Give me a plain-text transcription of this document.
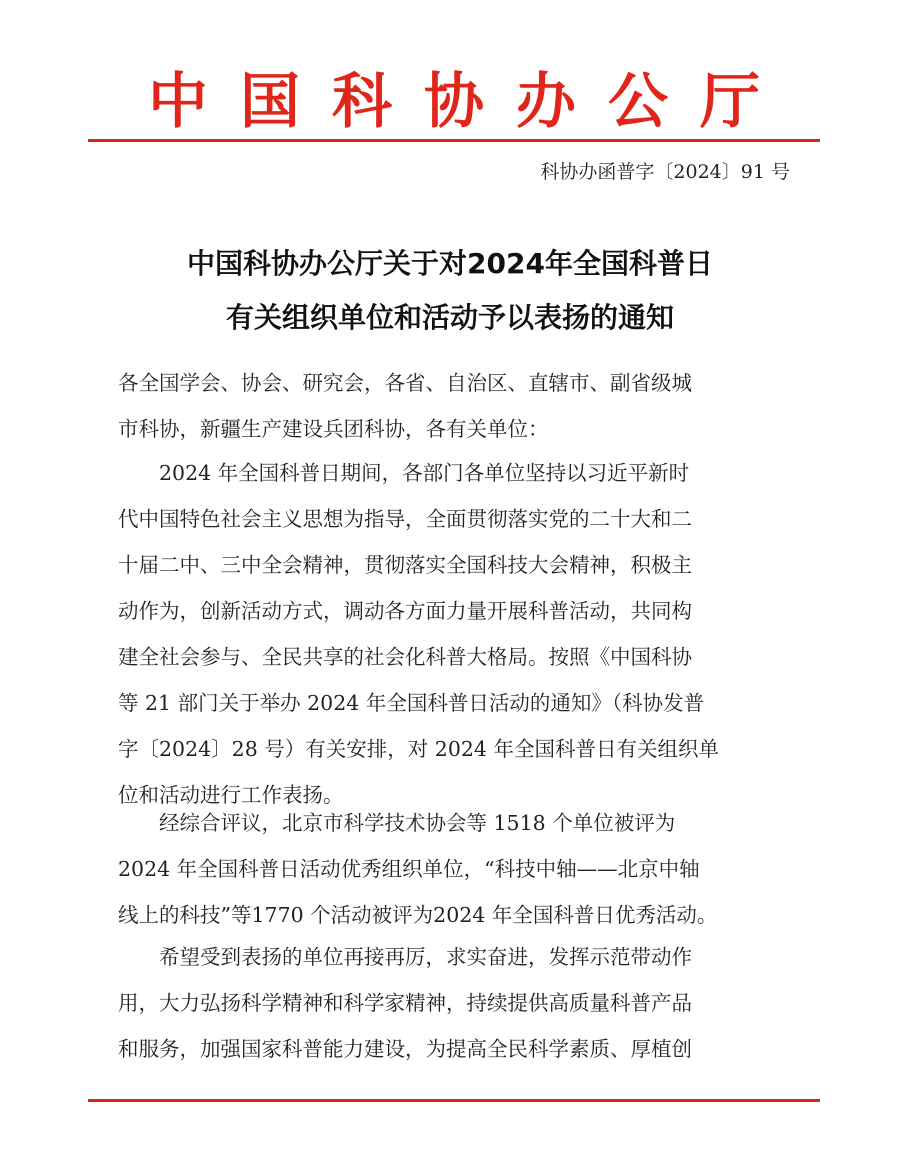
中 国 科 协 办 公 厅
科协办函普字〔2024〕91 号
中国科协办公厅关于对2024年全国科普日
有关组织单位和活动予以表扬的通知
各全国学会、协会、研究会，各省、自治区、直辖市、副省级城
市科协，新疆生产建设兵团科协，各有关单位：
2024 年全国科普日期间，各部门各单位坚持以习近平新时
代中国特色社会主义思想为指导，全面贯彻落实党的二十大和二
十届二中、三中全会精神，贯彻落实全国科技大会精神，积极主
动作为，创新活动方式，调动各方面力量开展科普活动，共同构
建全社会参与、全民共享的社会化科普大格局。按照《中国科协
等 21 部门关于举办 2024 年全国科普日活动的通知》（科协发普
字〔2024〕28 号）有关安排，对 2024 年全国科普日有关组织单
位和活动进行工作表扬。
经综合评议，北京市科学技术协会等 1518 个单位被评为
2024 年全国科普日活动优秀组织单位，“科技中轴——北京中轴
线上的科技”等1770 个活动被评为2024 年全国科普日优秀活动。
希望受到表扬的单位再接再厉，求实奋进，发挥示范带动作
用，大力弘扬科学精神和科学家精神，持续提供高质量科普产品
和服务，加强国家科普能力建设，为提高全民科学素质、厚植创
